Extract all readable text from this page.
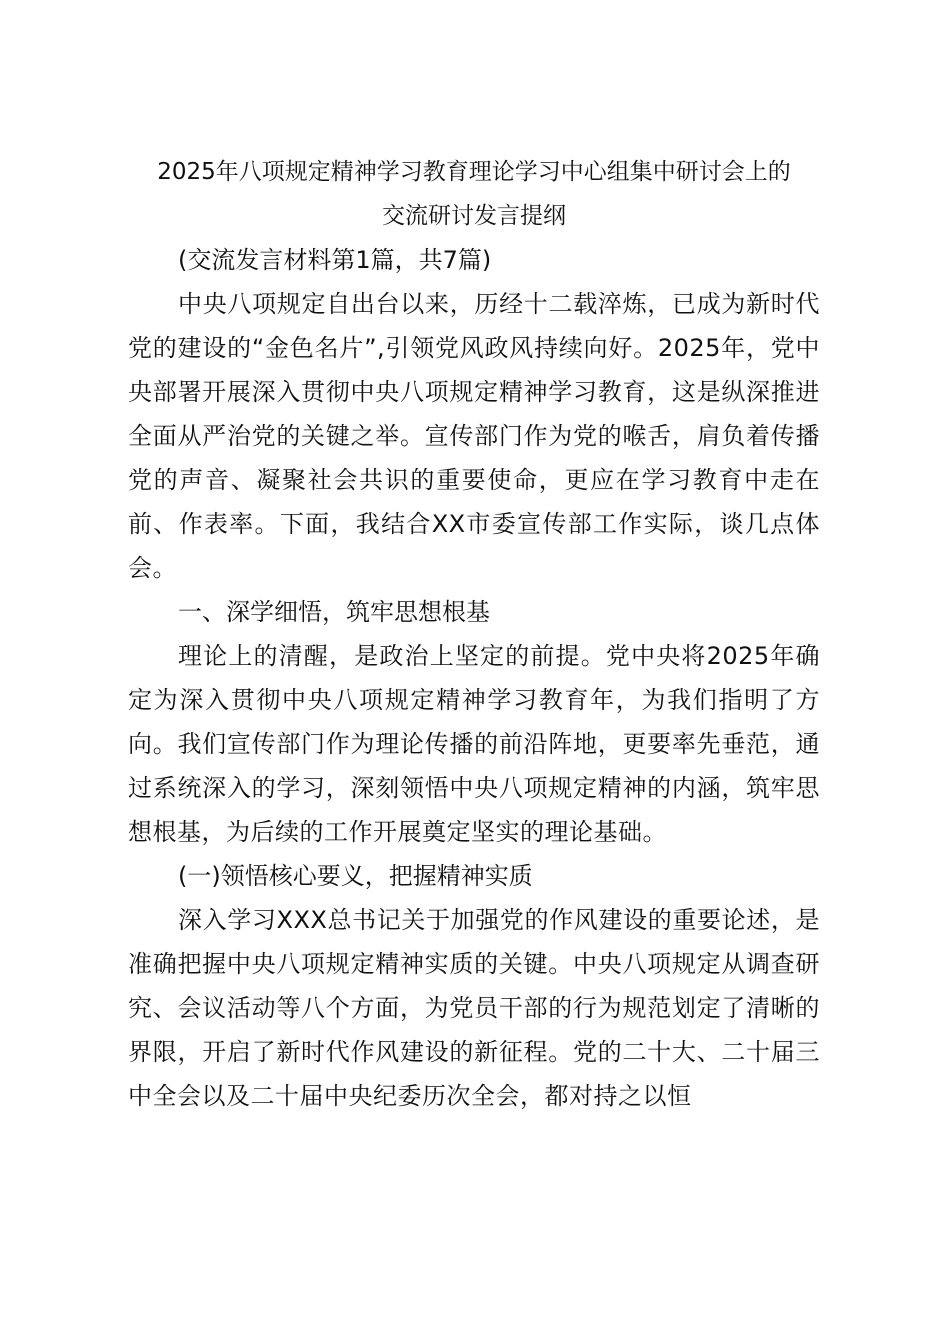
2025年八项规定精神学习教育理论学习中心组集中研讨会上的
交流研讨发言提纲

(交流发言材料第1篇，共7篇)

中央八项规定自出台以来，历经十二载淬炼，已成为新时代党的建设的“金色名片”,引领党风政风持续向好。2025年，党中央部署开展深入贯彻中央八项规定精神学习教育，这是纵深推进全面从严治党的关键之举。宣传部门作为党的喉舌，肩负着传播党的声音、凝聚社会共识的重要使命，更应在学习教育中走在前、作表率。下面，我结合XX市委宣传部工作实际，谈几点体会。

一、深学细悟，筑牢思想根基

理论上的清醒，是政治上坚定的前提。党中央将2025年确定为深入贯彻中央八项规定精神学习教育年，为我们指明了方向。我们宣传部门作为理论传播的前沿阵地，更要率先垂范，通过系统深入的学习，深刻领悟中央八项规定精神的内涵，筑牢思想根基，为后续的工作开展奠定坚实的理论基础。

(一)领悟核心要义，把握精神实质

深入学习XXX总书记关于加强党的作风建设的重要论述，是准确把握中央八项规定精神实质的关键。中央八项规定从调查研究、会议活动等八个方面，为党员干部的行为规范划定了清晰的界限，开启了新时代作风建设的新征程。党的二十大、二十届三中全会以及二十届中央纪委历次全会，都对持之以恒
